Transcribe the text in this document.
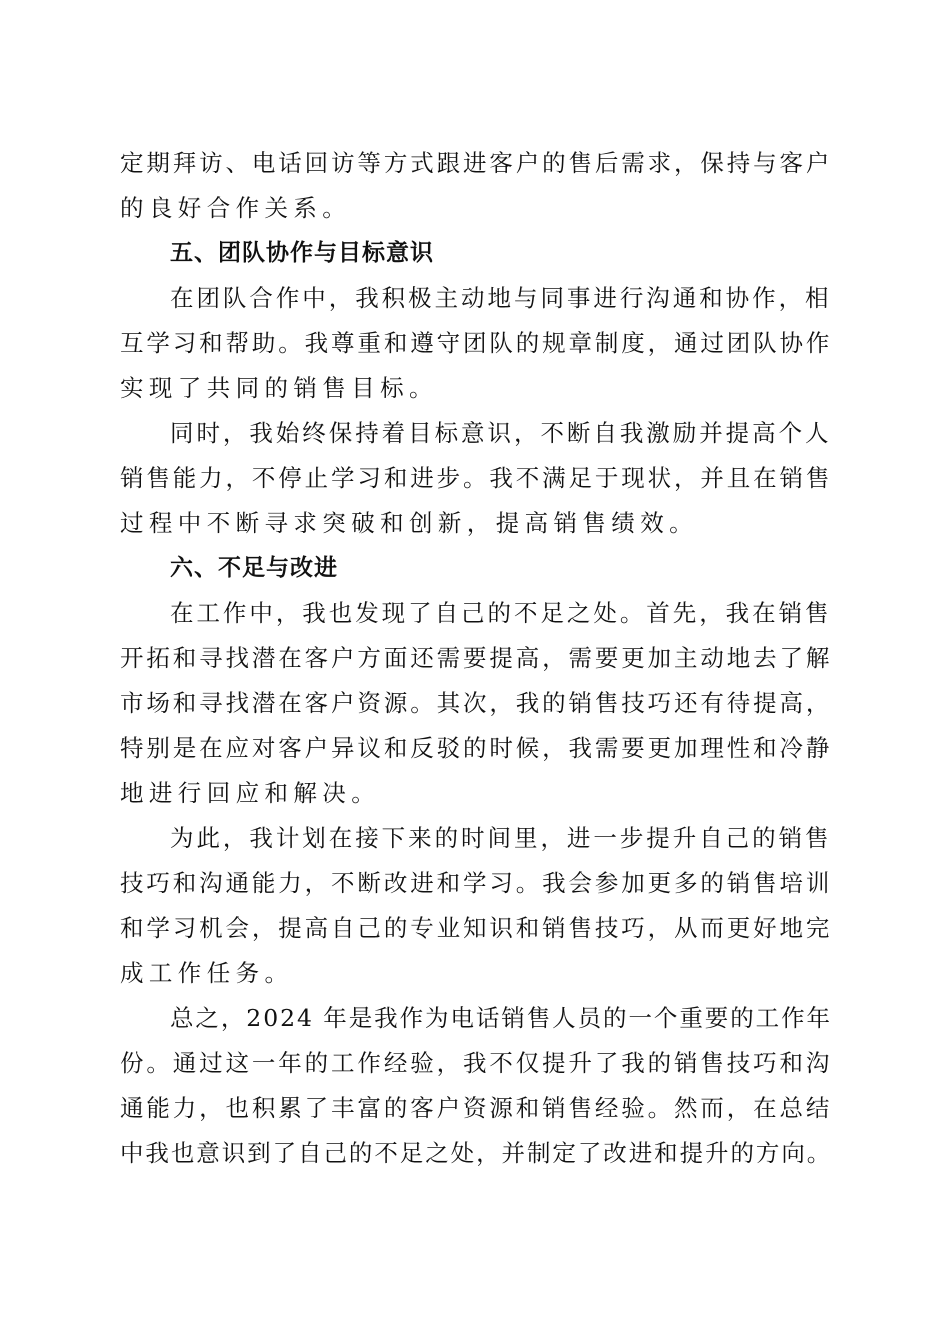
定期拜访、电话回访等方式跟进客户的售后需求，保持与客户
的良好合作关系。
五、团队协作与目标意识
在团队合作中，我积极主动地与同事进行沟通和协作，相
互学习和帮助。我尊重和遵守团队的规章制度，通过团队协作
实现了共同的销售目标。
同时，我始终保持着目标意识，不断自我激励并提高个人
销售能力，不停止学习和进步。我不满足于现状，并且在销售
过程中不断寻求突破和创新，提高销售绩效。
六、不足与改进
在工作中，我也发现了自己的不足之处。首先，我在销售
开拓和寻找潜在客户方面还需要提高，需要更加主动地去了解
市场和寻找潜在客户资源。其次，我的销售技巧还有待提高，
特别是在应对客户异议和反驳的时候，我需要更加理性和冷静
地进行回应和解决。
为此，我计划在接下来的时间里，进一步提升自己的销售
技巧和沟通能力，不断改进和学习。我会参加更多的销售培训
和学习机会，提高自己的专业知识和销售技巧，从而更好地完
成工作任务。
总之，2024 年是我作为电话销售人员的一个重要的工作年
份。通过这一年的工作经验，我不仅提升了我的销售技巧和沟
通能力，也积累了丰富的客户资源和销售经验。然而，在总结
中我也意识到了自己的不足之处，并制定了改进和提升的方向。
